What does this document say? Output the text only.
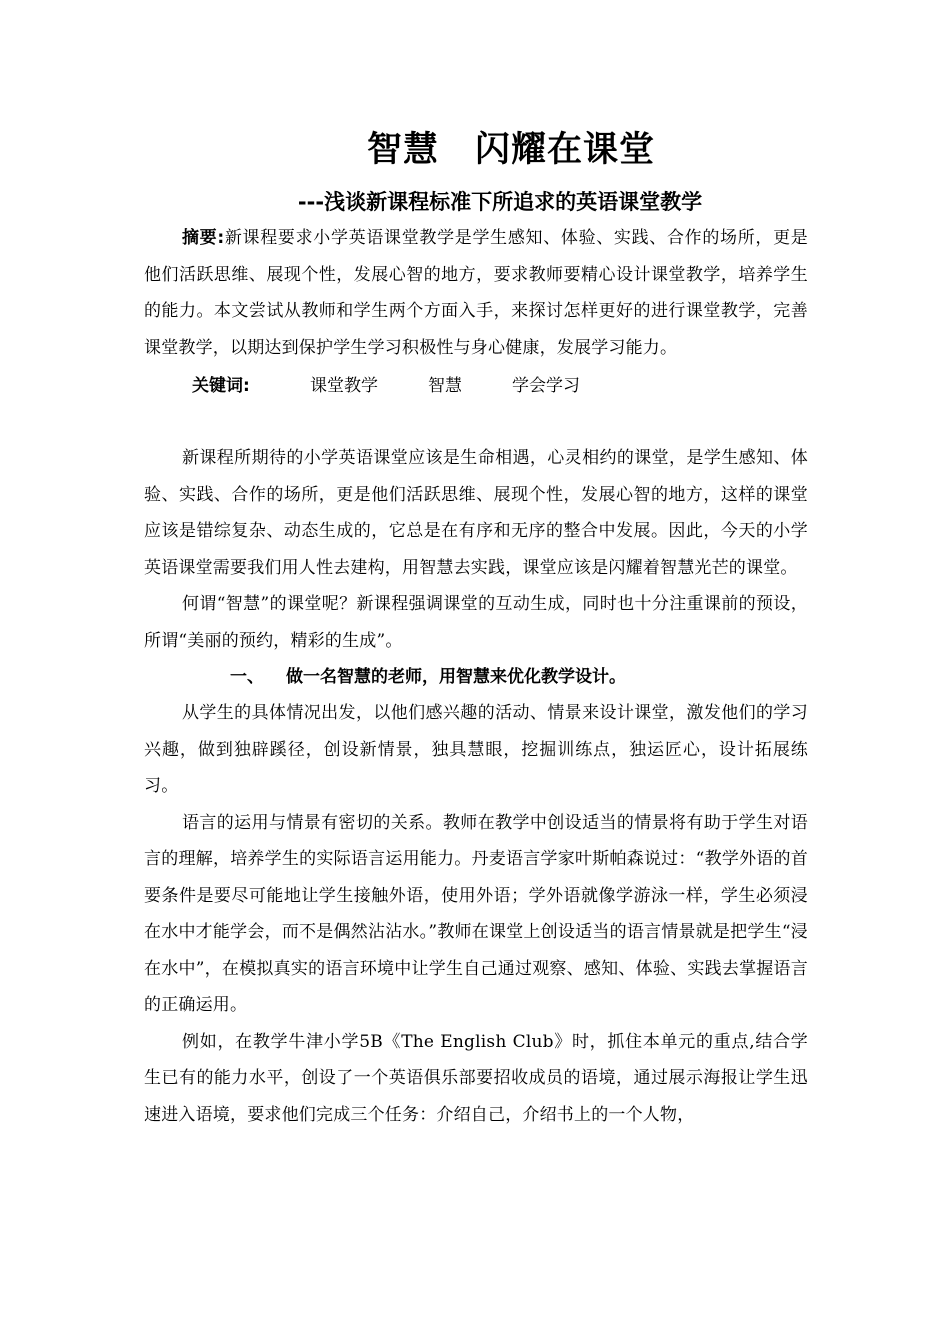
智慧　闪耀在课堂
---浅谈新课程标准下所追求的英语课堂教学

摘要:新课程要求小学英语课堂教学是学生感知、体验、实践、合作的场所，更是他们活跃思维、展现个性，发展心智的地方，要求教师要精心设计课堂教学，培养学生的能力。本文尝试从教师和学生两个方面入手，来探讨怎样更好的进行课堂教学，完善课堂教学，以期达到保护学生学习积极性与身心健康，发展学习能力。

关键词:	课堂教学	智慧	学会学习

新课程所期待的小学英语课堂应该是生命相遇，心灵相约的课堂，是学生感知、体验、实践、合作的场所，更是他们活跃思维、展现个性，发展心智的地方，这样的课堂应该是错综复杂、动态生成的，它总是在有序和无序的整合中发展。因此，今天的小学英语课堂需要我们用人性去建构，用智慧去实践，课堂应该是闪耀着智慧光芒的课堂。

何谓“智慧”的课堂呢？新课程强调课堂的互动生成，同时也十分注重课前的预设，所谓“美丽的预约，精彩的生成”。

一、 做一名智慧的老师，用智慧来优化教学设计。

从学生的具体情况出发，以他们感兴趣的活动、情景来设计课堂，激发他们的学习兴趣，做到独辟蹊径，创设新情景，独具慧眼，挖掘训练点，独运匠心，设计拓展练习。

语言的运用与情景有密切的关系。教师在教学中创设适当的情景将有助于学生对语言的理解，培养学生的实际语言运用能力。丹麦语言学家叶斯帕森说过：“教学外语的首要条件是要尽可能地让学生接触外语，使用外语；学外语就像学游泳一样，学生必须浸在水中才能学会，而不是偶然沾沾水。”教师在课堂上创设适当的语言情景就是把学生“浸在水中”，在模拟真实的语言环境中让学生自己通过观察、感知、体验、实践去掌握语言的正确运用。

例如，在教学牛津小学5B《The English Club》时，抓住本单元的重点,结合学生已有的能力水平，创设了一个英语俱乐部要招收成员的语境，通过展示海报让学生迅速进入语境，要求他们完成三个任务：介绍自己，介绍书上的一个人物，
